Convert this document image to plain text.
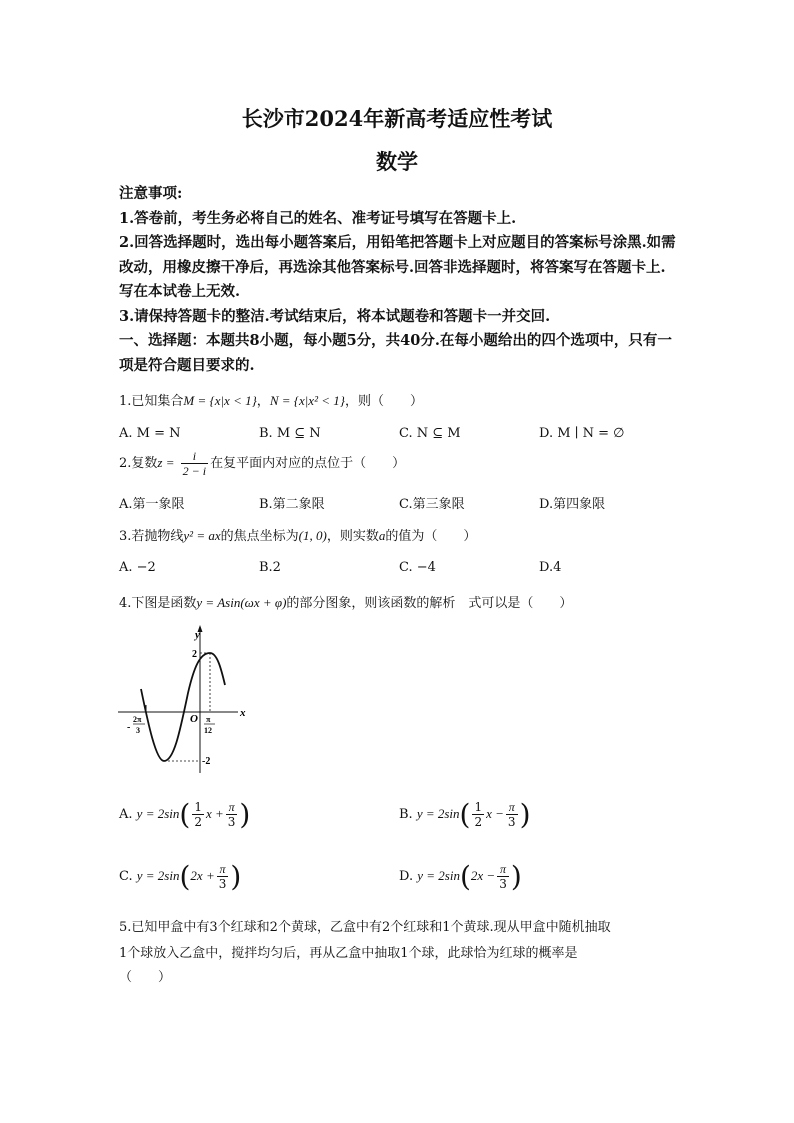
长沙市2024年新高考适应性考试
数学

注意事项:

1.答卷前，考生务必将自己的姓名、准考证号填写在答题卡上.

2.回答选择题时，选出每小题答案后，用铅笔把答题卡上对应题目的答案标号涂黑.如需改动，用橡皮擦干净后，再选涂其他答案标号.回答非选择题时，将答案写在答题卡上.写在本试卷上无效.

3.请保持答题卡的整洁.考试结束后，将本试题卷和答题卡一并交回.

一、选择题：本题共8小题，每小题5分，共40分.在每小题给出的四个选项中，只有一项是符合题目要求的.

1.已知集合M = {x|x < 1}，N = {x|x² < 1}，则（　　）
A. M = N	B. M ⊆ N	C. N ⊆ M	D. M ∣ N = ∅
2.复数$z = \frac{i}{2 - i}$ 在复平面内对应的点位于（　　）
A.第一象限	B.第二象限	C.第三象限	D.第四象限
3.若抛物线y² = ax的焦点坐标为(1, 0)，则实数a的值为（　　）
A. −2	B.2	C. −4	D.4
4.下图是函数y = Asin(ωx + φ)的部分图象，则该函数的解析　式可以是（　　）
y
x
O
2
-2
-
2π
3
π
12
A. $y = 2\sin( \frac{1}{2}$ $x + \frac{\pi}{3}$ )	B. $y = 2\sin( \frac{1}{2}$ $x - \frac{\pi}{3}$ )
C. $y = 2\sin(2x + \frac{\pi}{3}$ )	D. $y = 2\sin(2x - \frac{\pi}{3}$ )
5.已知甲盒中有3个红球和2个黄球，乙盒中有2个红球和1个黄球.现从甲盒中随机抽取
1个球放入乙盒中，搅拌均匀后，再从乙盒中抽取1个球，此球恰为红球的概率是
（　　）
